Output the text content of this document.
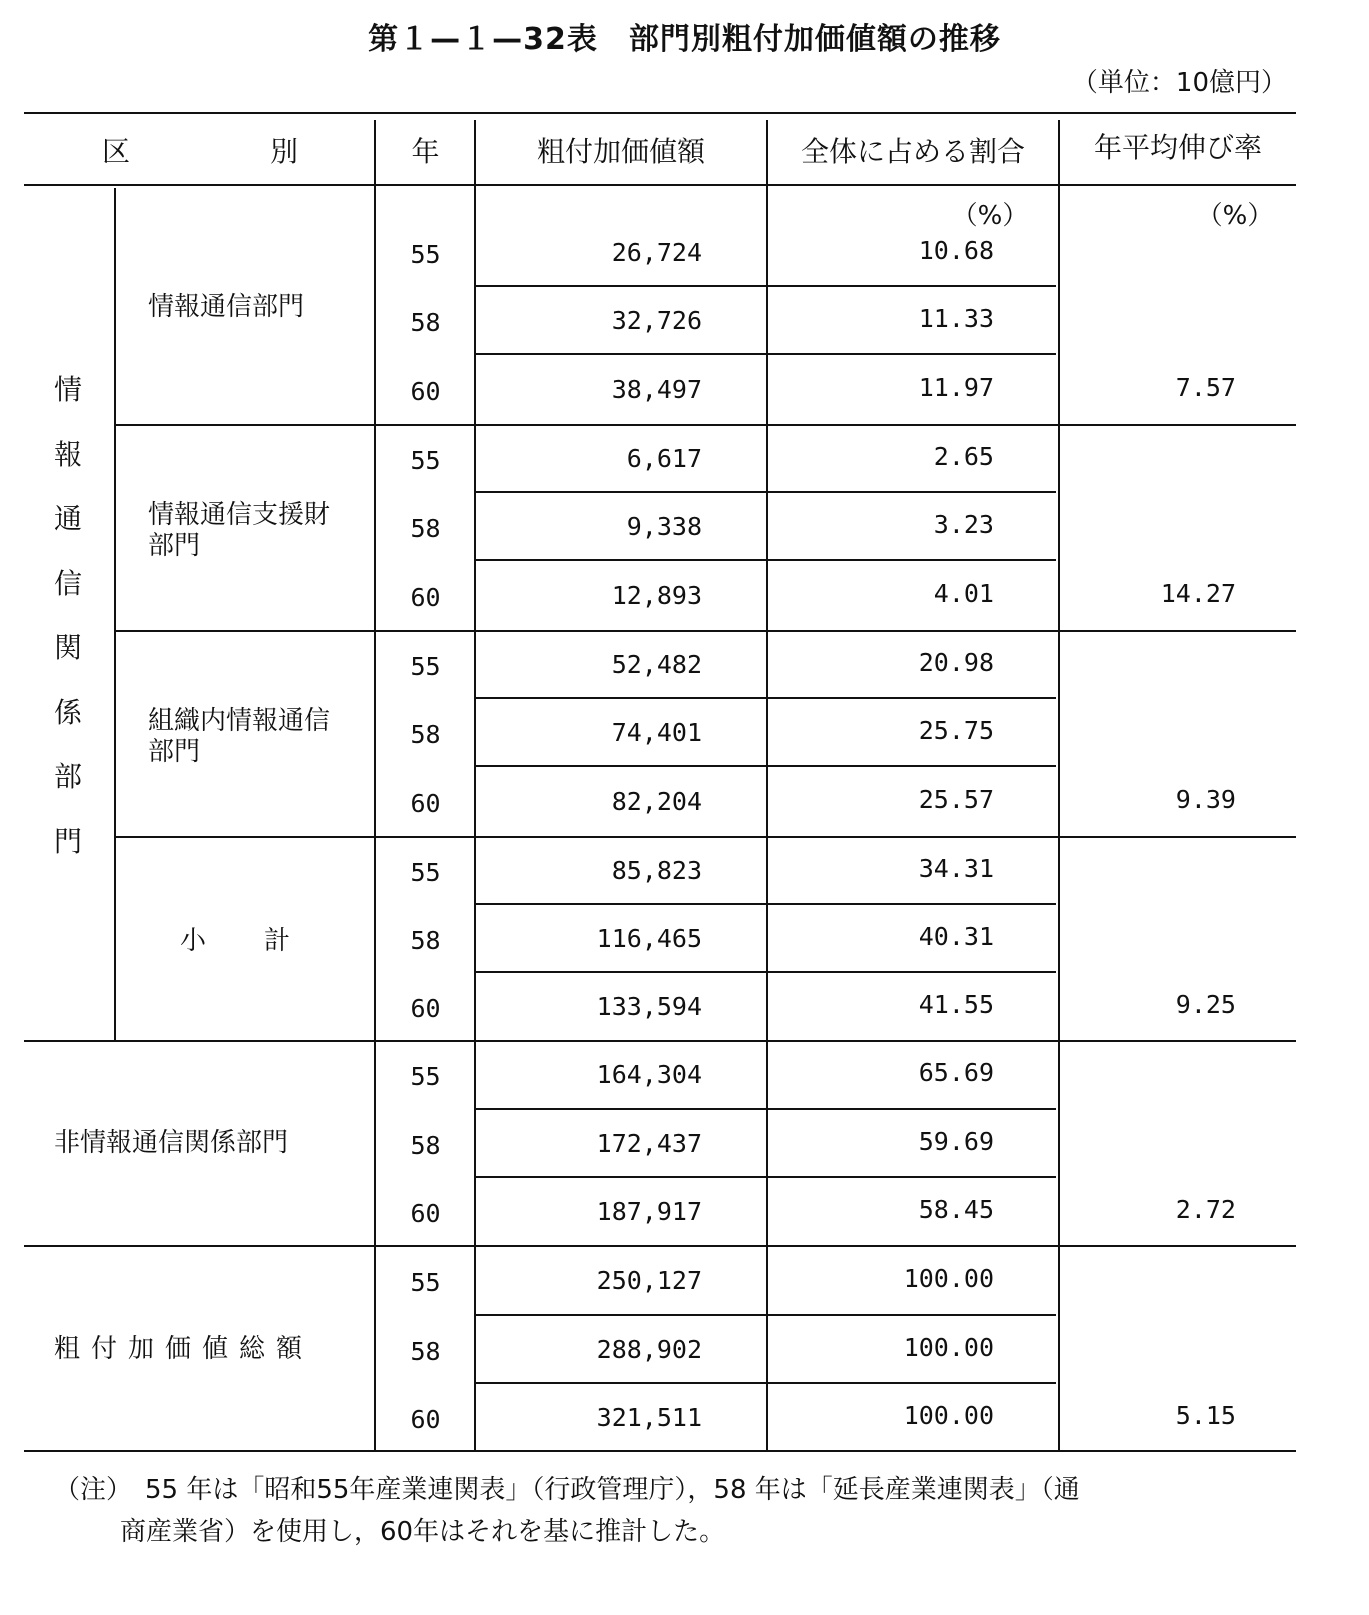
第１—１—32表　部門別粗付加価値額の推移
（単位：10億円）
区　　　　　別	年	粗付加価値額	全体に占める割合	年平均伸び率
（%）	（%）
情
報
通
信
関
係
部
門
情報通信部門
55	26,724	10.68
58	32,726	11.33
60	38,497	11.97	7.57
情報通信支援財部門
55	6,617	2.65
58	9,338	3.23
60	12,893	4.01	14.27
組織内情報通信部門
55	52,482	20.98
58	74,401	25.75
60	82,204	25.57	9.39
小　　計
55	85,823	34.31
58	116,465	40.31
60	133,594	41.55	9.25
非情報通信関係部門
55	164,304	65.69
58	172,437	59.69
60	187,917	58.45	2.72
粗付加価値総額
55	250,127	100.00
58	288,902	100.00
60	321,511	100.00	5.15
（注）　55 年は「昭和55年産業連関表」（行政管理庁），58 年は「延長産業連関表」（通
商産業省）を使用し，60年はそれを基に推計した。
